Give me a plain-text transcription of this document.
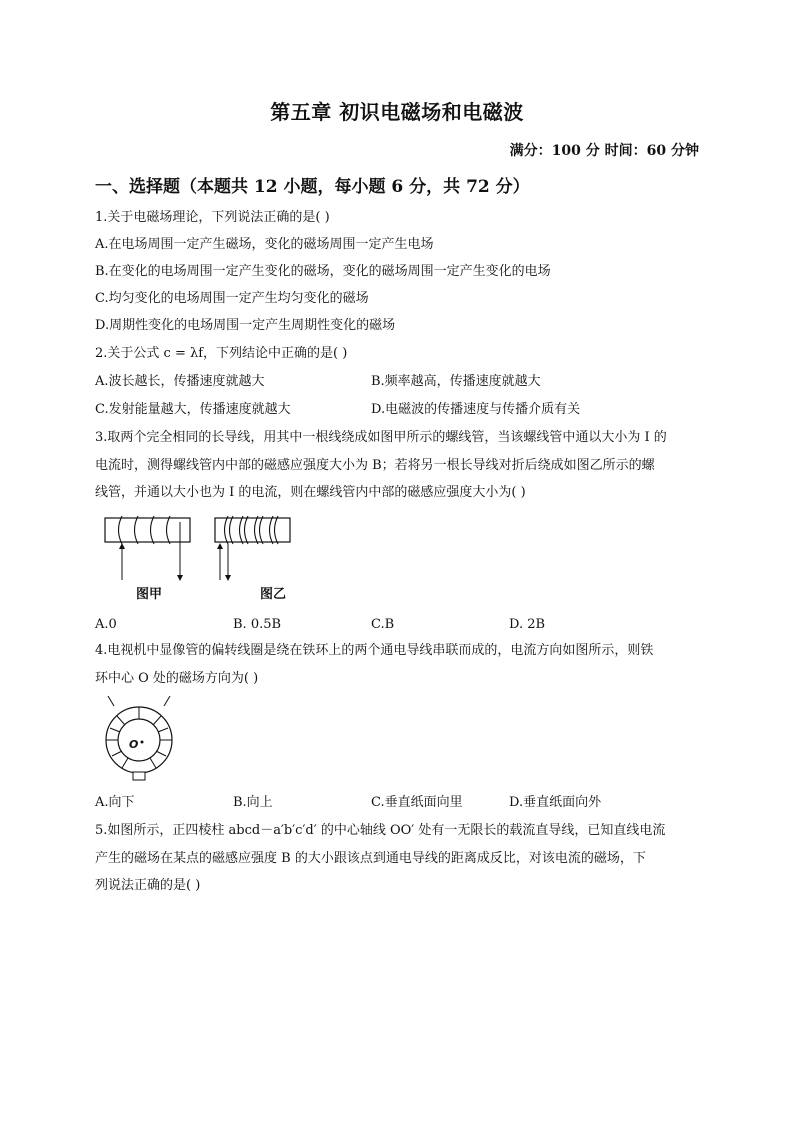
第五章 初识电磁场和电磁波
满分：100 分 时间：60 分钟
一、选择题（本题共 12 小题，每小题 6 分，共 72 分）
1.关于电磁场理论，下列说法正确的是( )
A.在电场周围一定产生磁场，变化的磁场周围一定产生电场
B.在变化的电场周围一定产生变化的磁场，变化的磁场周围一定产生变化的电场
C.均匀变化的电场周围一定产生均匀变化的磁场
D.周期性变化的电场周围一定产生周期性变化的磁场
2.关于公式 c = λf，下列结论中正确的是( )
A.波长越长，传播速度就越大	B.频率越高，传播速度就越大
C.发射能量越大，传播速度就越大	D.电磁波的传播速度与传播介质有关
3.取两个完全相同的长导线，用其中一根线绕成如图甲所示的螺线管，当该螺线管中通以大小为 I 的
电流时，测得螺线管内中部的磁感应强度大小为 B；若将另一根长导线对折后绕成如图乙所示的螺
线管，并通以大小也为 I 的电流，则在螺线管内中部的磁感应强度大小为( )
图甲	图乙
A.0	B. 0.5B	C.B	D. 2B
4.电视机中显像管的偏转线圈是绕在铁环上的两个通电导线串联而成的，电流方向如图所示，则铁
环中心 O 处的磁场方向为( )
O
A.向下	B.向上	C.垂直纸面向里	D.垂直纸面向外
5.如图所示，正四棱柱 abcd－a′b′c′d′ 的中心轴线 OO′ 处有一无限长的载流直导线，已知直线电流
产生的磁场在某点的磁感应强度 B 的大小跟该点到通电导线的距离成反比，对该电流的磁场，下
列说法正确的是( )
